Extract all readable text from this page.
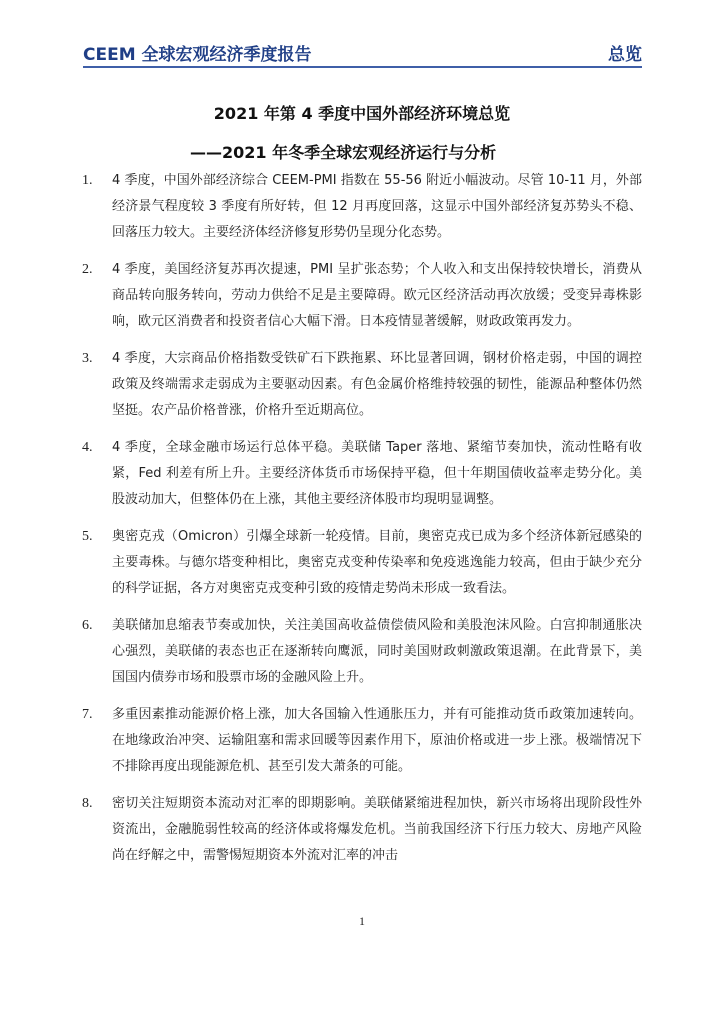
CEEM 全球宏观经济季度报告	总览
2021 年第 4 季度中国外部经济环境总览
——2021 年冬季全球宏观经济运行与分析
1. 4 季度，中国外部经济综合 CEEM-PMI 指数在 55-56 附近小幅波动。尽管 10-11 月，外部经济景气程度较 3 季度有所好转，但 12 月再度回落，这显示中国外部经济复苏势头不稳、回落压力较大。主要经济体经济修复形势仍呈现分化态势。
2. 4 季度，美国经济复苏再次提速，PMI 呈扩张态势；个人收入和支出保持较快增长，消费从商品转向服务转向，劳动力供给不足是主要障碍。欧元区经济活动再次放缓；受变异毒株影响，欧元区消费者和投资者信心大幅下滑。日本疫情显著缓解，财政政策再发力。
3. 4 季度，大宗商品价格指数受铁矿石下跌拖累、环比显著回调，钢材价格走弱，中国的调控政策及终端需求走弱成为主要驱动因素。有色金属价格维持较强的韧性，能源品种整体仍然坚挺。农产品价格普涨，价格升至近期高位。
4. 4 季度，全球金融市场运行总体平稳。美联储 Taper 落地、紧缩节奏加快，流动性略有收紧，Fed 利差有所上升。主要经济体货币市场保持平稳，但十年期国债收益率走势分化。美股波动加大，但整体仍在上涨，其他主要经济体股市均現明显调整。
5. 奥密克戎（Omicron）引爆全球新一轮疫情。目前，奥密克戎已成为多个经济体新冠感染的主要毒株。与德尔塔变种相比，奥密克戎变种传染率和免疫逃逸能力较高，但由于缺少充分的科学证据，各方对奥密克戎变种引致的疫情走势尚未形成一致看法。
6. 美联储加息缩表节奏或加快，关注美国高收益债偿债风险和美股泡沫风险。白宫抑制通胀决心强烈，美联储的表态也正在逐渐转向鹰派，同时美国财政刺激政策退潮。在此背景下，美国国内债券市场和股票市场的金融风险上升。
7. 多重因素推动能源价格上涨，加大各国输入性通胀压力，并有可能推动货币政策加速转向。在地缘政治冲突、运输阻塞和需求回暖等因素作用下，原油价格或进一步上涨。极端情况下不排除再度出现能源危机、甚至引发大萧条的可能。
8. 密切关注短期资本流动对汇率的即期影响。美联储紧缩进程加快，新兴市场将出现阶段性外资流出，金融脆弱性较高的经济体或将爆发危机。当前我国经济下行压力较大、房地产风险尚在纾解之中，需警惕短期资本外流对汇率的冲击
1
